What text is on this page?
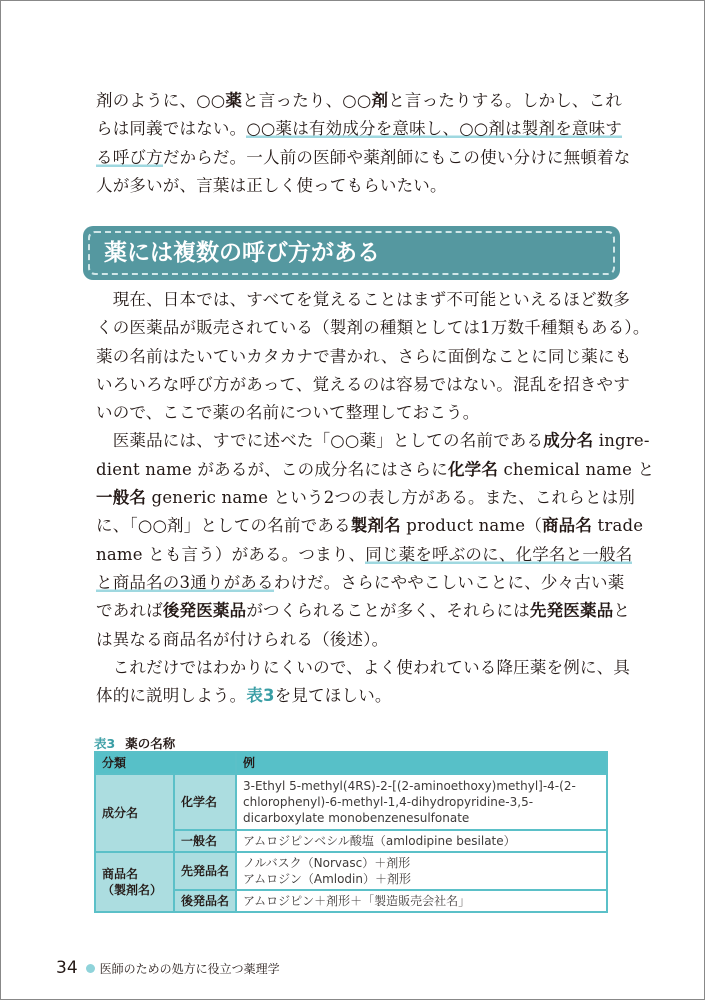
剤のように、○○薬と言ったり、○○剤と言ったりする。しかし、これ
らは同義ではない。○○薬は有効成分を意味し、○○剤は製剤を意味す
る呼び方だからだ。一人前の医師や薬剤師にもこの使い分けに無頓着な
人が多いが、言葉は正しく使ってもらいたい。
薬には複数の呼び方がある
　現在、日本では、すべてを覚えることはまず不可能といえるほど数多
くの医薬品が販売されている（製剤の種類としては1万数千種類もある）。
薬の名前はたいていカタカナで書かれ、さらに面倒なことに同じ薬にも
いろいろな呼び方があって、覚えるのは容易ではない。混乱を招きやす
いので、ここで薬の名前について整理しておこう。
　医薬品には、すでに述べた「○○薬」としての名前である成分名 ingre-
dient name があるが、この成分名にはさらに化学名 chemical name と
一般名 generic name という2つの表し方がある。また、これらとは別
に、「○○剤」としての名前である製剤名 product name（商品名 trade
name とも言う）がある。つまり、同じ薬を呼ぶのに、化学名と一般名
と商品名の3通りがあるわけだ。さらにややこしいことに、少々古い薬
であれば後発医薬品がつくられることが多く、それらには先発医薬品と
は異なる商品名が付けられる（後述）。
　これだけではわかりにくいので、よく使われている降圧薬を例に、具
体的に説明しよう。表3を見てほしい。
表3 薬の名称
分類		例
成分名	化学名	3-Ethyl 5-methyl(4RS)-2-[(2-aminoethoxy)methyl]-4-(2-chlorophenyl)-6-methyl-1,4-dihydropyridine-3,5-dicarboxylate monobenzenesulfonate
	一般名	アムロジピンベシル酸塩（amlodipine besilate）
商品名
（製剤名）	先発品名	ノルバスク（Norvasc）＋剤形
アムロジン（Amlodin）＋剤形
	後発品名	アムロジピン＋剤形＋「製造販売会社名」
34 医師のための処方に役立つ薬理学
